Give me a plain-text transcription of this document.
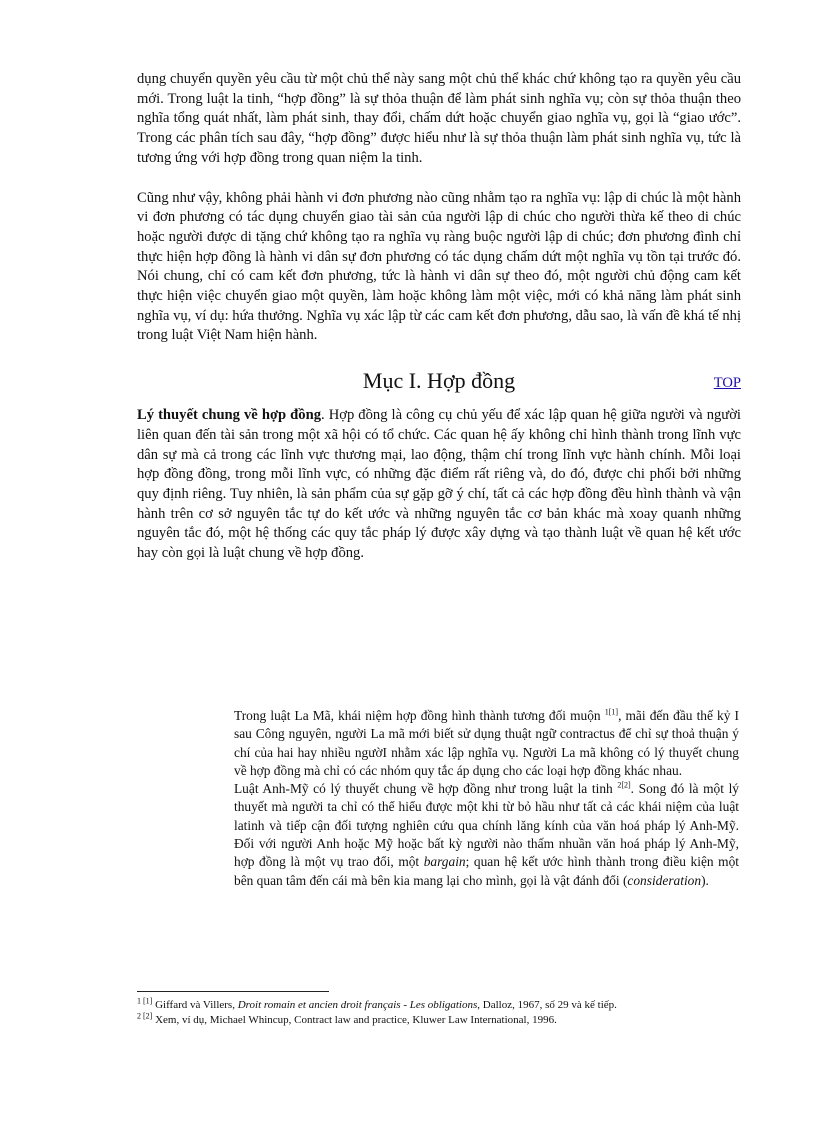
dụng chuyển quyền yêu cầu từ một chủ thể này sang một chủ thể khác chứ không tạo ra quyền yêu cầu mới. Trong luật la tinh, “hợp đồng” là sự thỏa thuận để làm phát sinh nghĩa vụ; còn sự thỏa thuận theo nghĩa tổng quát nhất, làm phát sinh, thay đổi, chấm dứt hoặc chuyển giao nghĩa vụ, gọi là “giao ước”. Trong các phân tích sau đây, “hợp đồng” được hiểu như là sự thỏa thuận làm phát sinh nghĩa vụ, tức là tương ứng với hợp đồng trong quan niệm la tinh.

Cũng như vậy, không phải hành vi đơn phương nào cũng nhằm tạo ra nghĩa vụ: lập di chúc là một hành vi đơn phương có tác dụng chuyển giao tài sản của người lập di chúc cho người thừa kế theo di chúc hoặc người được di tặng chứ không tạo ra nghĩa vụ ràng buộc người lập di chúc; đơn phương đình chỉ thực hiện hợp đồng là hành vi dân sự đơn phương có tác dụng chấm dứt một nghĩa vụ tồn tại trước đó. Nói chung, chỉ có cam kết đơn phương, tức là hành vi dân sự theo đó, một người chủ động cam kết thực hiện việc chuyển giao một quyền, làm hoặc không làm một việc, mới có khả năng làm phát sinh nghĩa vụ, ví dụ: hứa thưởng. Nghĩa vụ xác lập từ các cam kết đơn phương, dẫu sao, là vấn đề khá tế nhị trong luật Việt Nam hiện hành.

Mục I. Hợp đồng	TOP

Lý thuyết chung về hợp đồng. Hợp đồng là công cụ chủ yếu để xác lập quan hệ giữa người và người liên quan đến tài sản trong một xã hội có tổ chức. Các quan hệ ấy không chỉ hình thành trong lĩnh vực dân sự mà cả trong các lĩnh vực thương mại, lao động, thậm chí trong lĩnh vực hành chính. Mỗi loại hợp đồng đồng, trong mỗi lĩnh vực, có những đặc điểm rất riêng và, do đó, được chi phối bởi những quy định riêng. Tuy nhiên, là sản phẩm của sự gặp gỡ ý chí, tất cả các hợp đồng đều hình thành và vận hành trên cơ sở nguyên tắc tự do kết ước và những nguyên tắc cơ bản khác mà xoay quanh những nguyên tắc đó, một hệ thống các quy tắc pháp lý được xây dựng và tạo thành luật về quan hệ kết ước hay còn gọi là luật chung về hợp đồng.

Trong luật La Mã, khái niệm hợp đồng hình thành tương đối muộn $^{1[1]}$, mãi đến đầu thế kỷ I sau Công nguyên, người La mã mới biết sử dụng thuật ngữ contractus để chỉ sự thoả thuận ý chí của hai hay nhiều ngườI nhằm xác lập nghĩa vụ. Người La mã không có lý thuyết chung về hợp đồng mà chỉ có các nhóm quy tắc áp dụng cho các loại hợp đồng khác nhau.

Luật Anh-Mỹ có lý thuyết chung về hợp đồng như trong luật la tinh $^{2[2]}$. Song đó là một lý thuyết mà người ta chỉ có thể hiểu được một khi từ bỏ hầu như tất cả các khái niệm của luật latinh và tiếp cận đối tượng nghiên cứu qua chính lăng kính của văn hoá pháp lý Anh-Mỹ. Đối với người Anh hoặc Mỹ hoặc bất kỳ người nào thấm nhuần văn hoá pháp lý Anh-Mỹ, hợp đồng là một vụ trao đổi, một bargain; quan hệ kết ước hình thành trong điều kiện một bên quan tâm đến cái mà bên kia mang lại cho mình, gọi là vật đánh đổi (consideration).

$^{1 [1]}$ Giffard và Villers, Droit romain et ancien droit français - Les obligations, Dalloz, 1967, số 29 và kế tiếp.

$^{2 [2]}$ Xem, ví dụ, Michael Whincup, Contract law and practice, Kluwer Law International, 1996.
